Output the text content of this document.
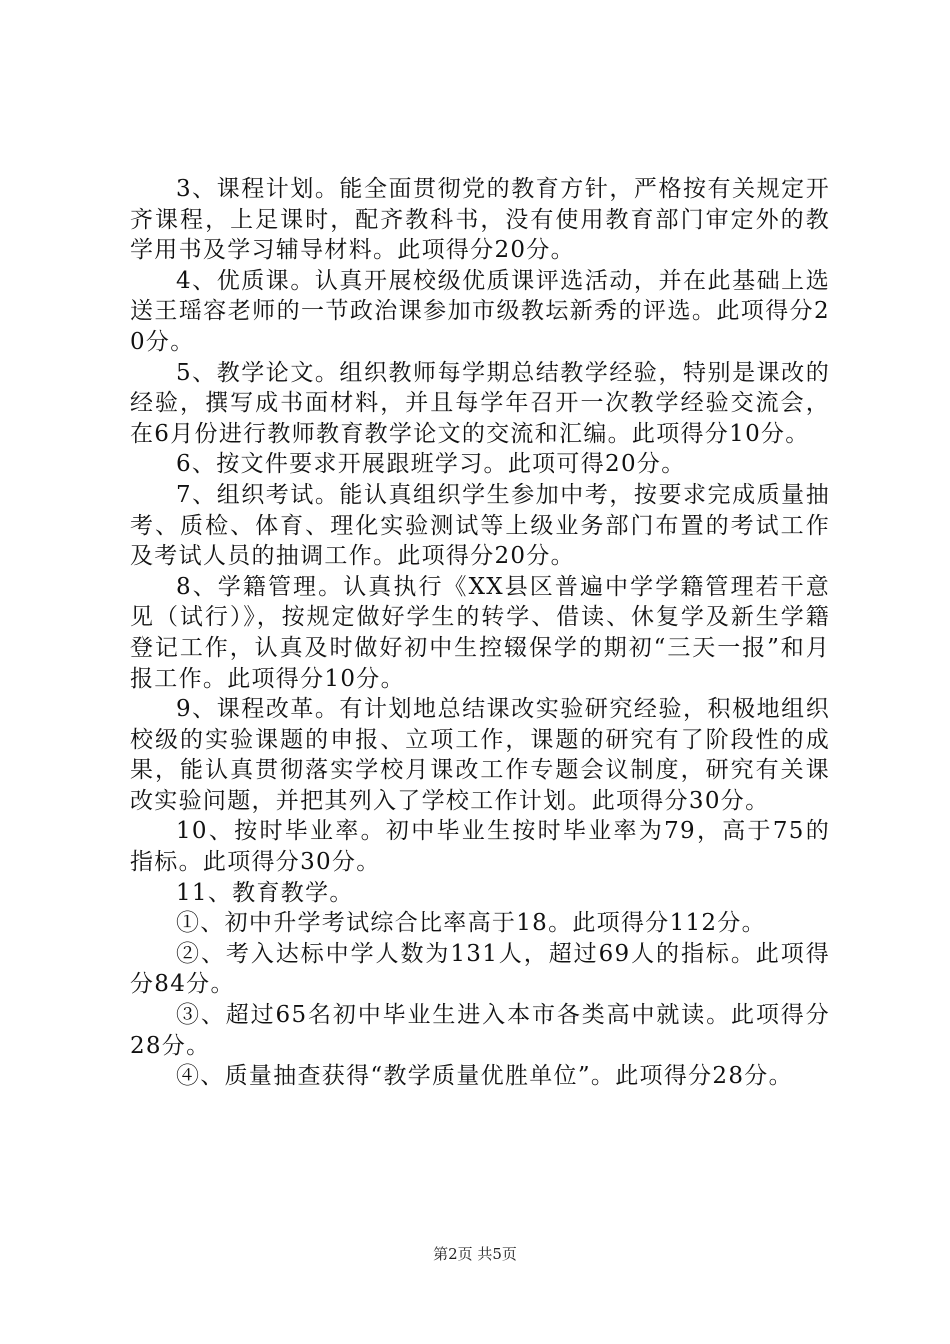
3、课程计划。能全面贯彻党的教育方针，严格按有关规定开齐课程，上足课时，配齐教科书，没有使用教育部门审定外的教学用书及学习辅导材料。此项得分20分。

4、优质课。认真开展校级优质课评选活动，并在此基础上选送王瑶容老师的一节政治课参加市级教坛新秀的评选。此项得分20分。

5、教学论文。组织教师每学期总结教学经验，特别是课改的经验，撰写成书面材料，并且每学年召开一次教学经验交流会，在6月份进行教师教育教学论文的交流和汇编。此项得分10分。

6、按文件要求开展跟班学习。此项可得20分。

7、组织考试。能认真组织学生参加中考，按要求完成质量抽考、质检、体育、理化实验测试等上级业务部门布置的考试工作及考试人员的抽调工作。此项得分20分。

8、学籍管理。认真执行《XX县区普遍中学学籍管理若干意见（试行）》，按规定做好学生的转学、借读、休复学及新生学籍登记工作，认真及时做好初中生控辍保学的期初“三天一报”和月报工作。此项得分10分。

9、课程改革。有计划地总结课改实验研究经验，积极地组织校级的实验课题的申报、立项工作，课题的研究有了阶段性的成果，能认真贯彻落实学校月课改工作专题会议制度，研究有关课改实验问题，并把其列入了学校工作计划。此项得分30分。

10、按时毕业率。初中毕业生按时毕业率为79，高于75的指标。此项得分30分。

11、教育教学。

①、初中升学考试综合比率高于18。此项得分112分。

②、考入达标中学人数为131人，超过69人的指标。此项得分84分。

③、超过65名初中毕业生进入本市各类高中就读。此项得分28分。

④、质量抽查获得“教学质量优胜单位”。此项得分28分。

第2页 共5页
